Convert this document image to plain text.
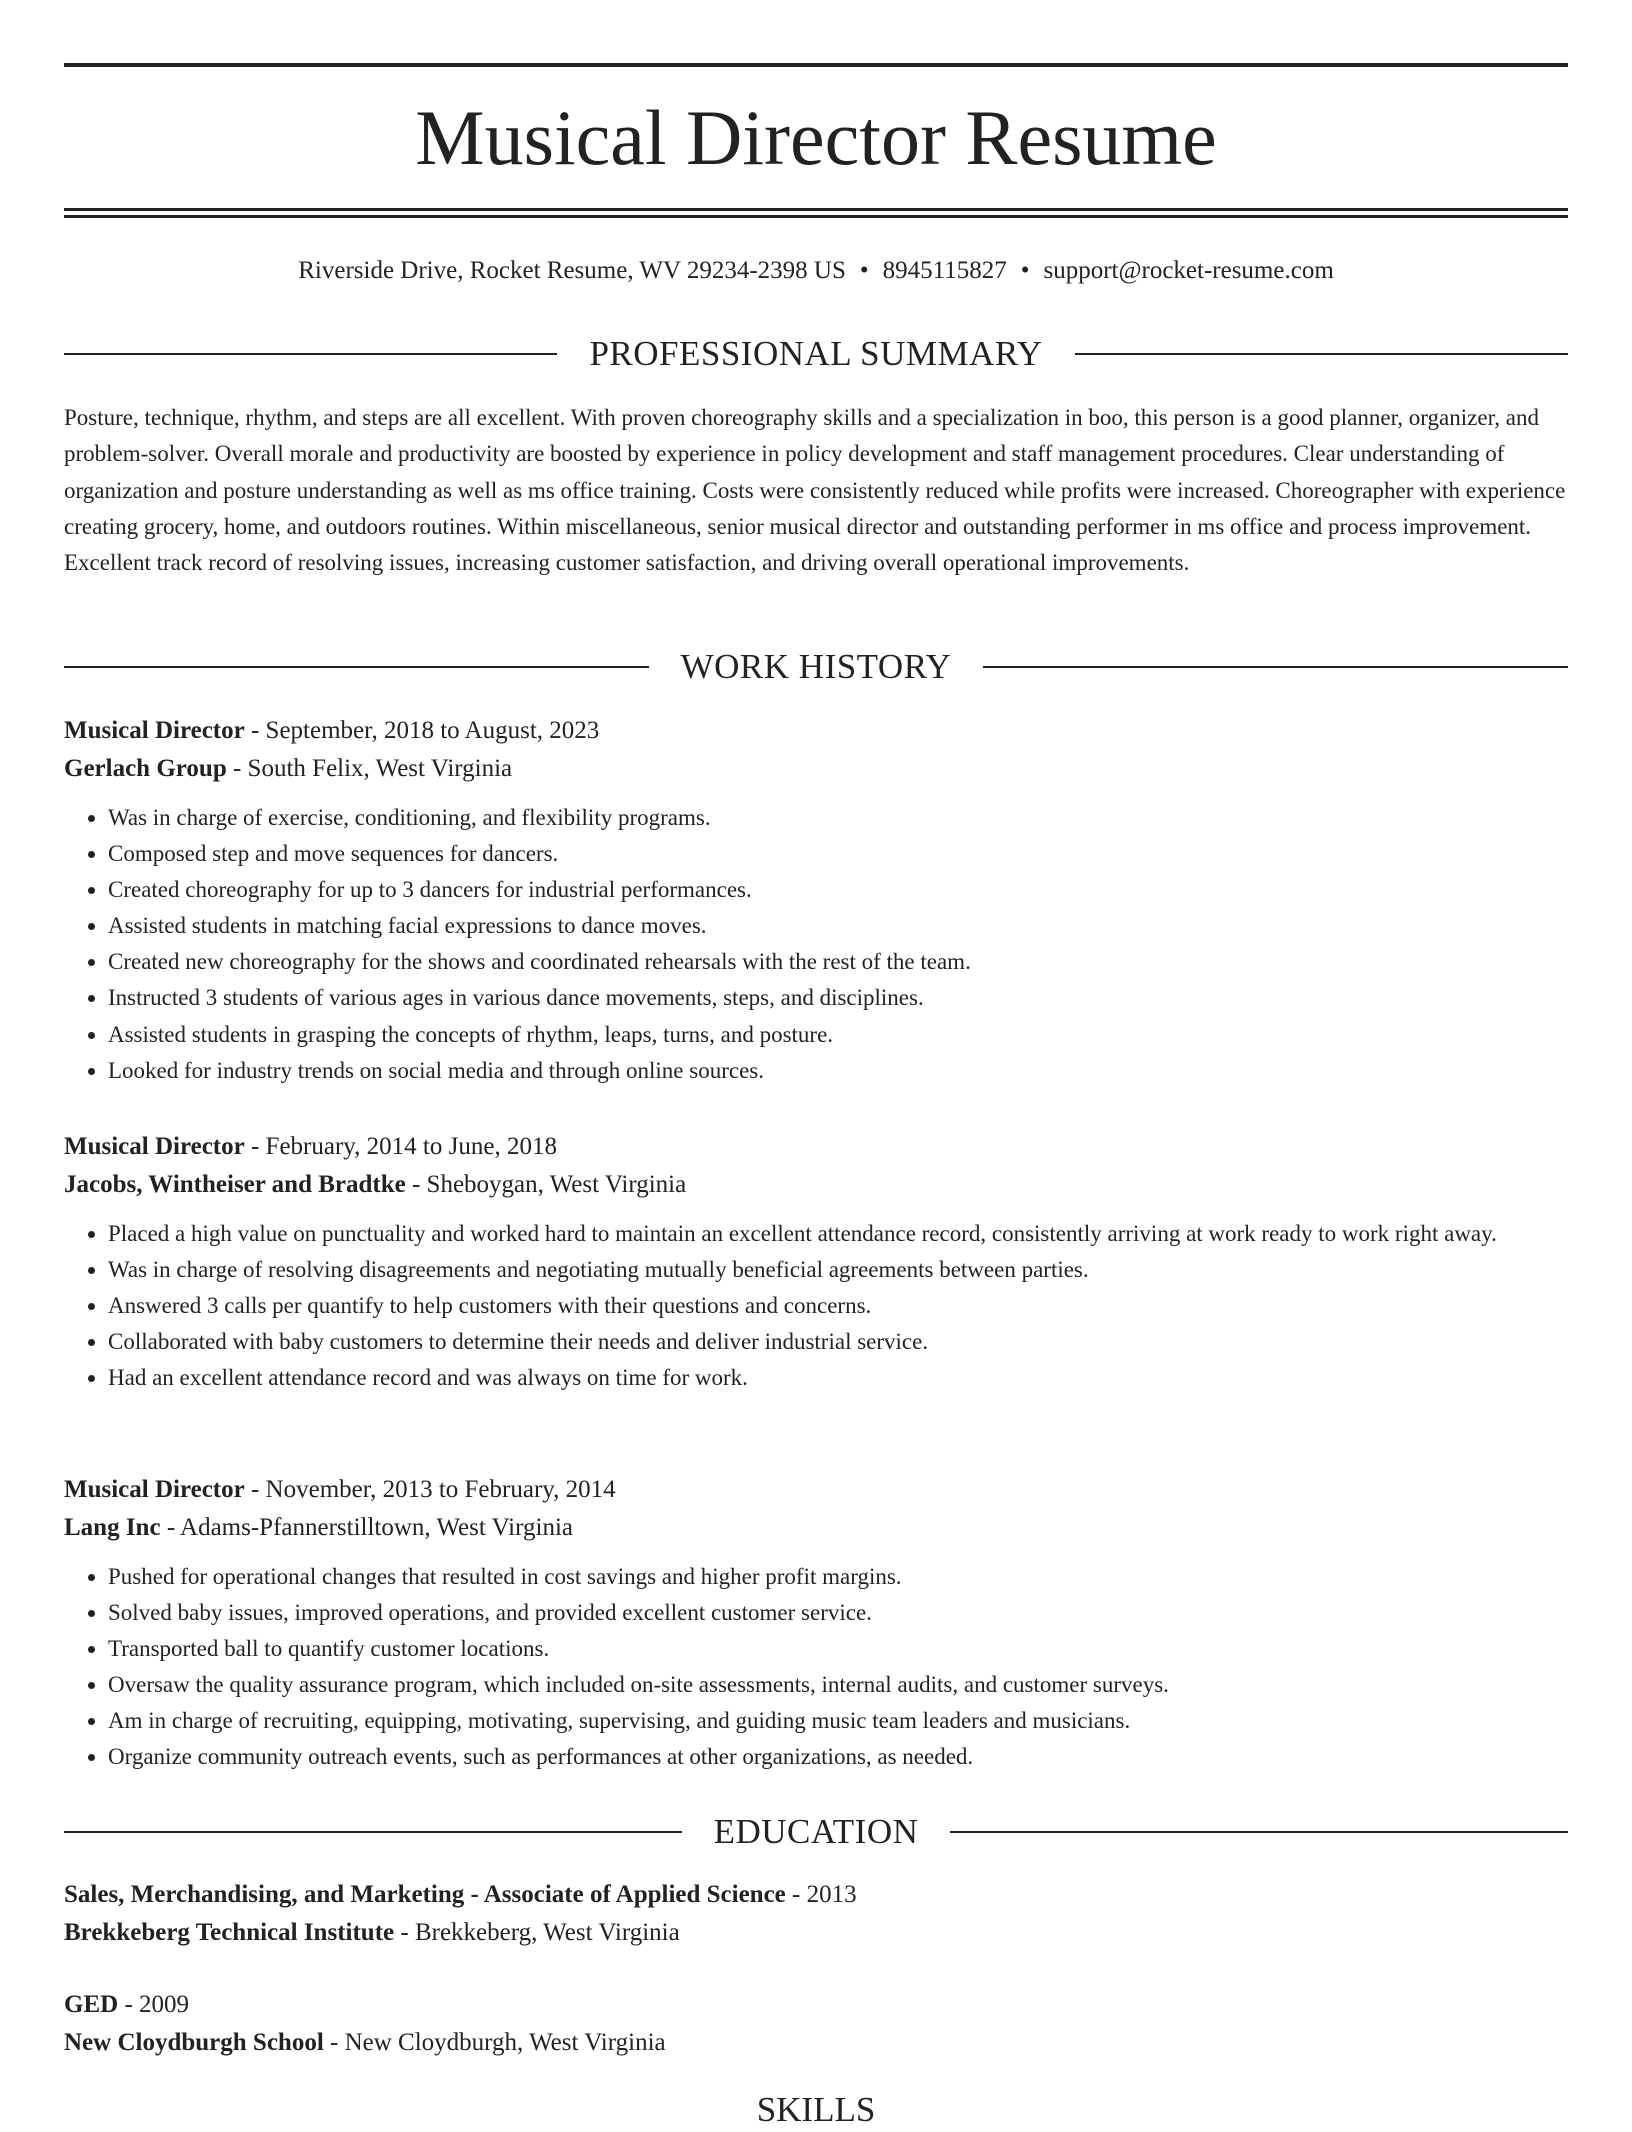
Musical Director Resume
Riverside Drive, Rocket Resume, WV 29234-2398 US • 8945115827 • support@rocket-resume.com
PROFESSIONAL SUMMARY
Posture, technique, rhythm, and steps are all excellent. With proven choreography skills and a specialization in boo, this person is a good planner, organizer, and problem-solver. Overall morale and productivity are boosted by experience in policy development and staff management procedures. Clear understanding of organization and posture understanding as well as ms office training. Costs were consistently reduced while profits were increased. Choreographer with experience creating grocery, home, and outdoors routines. Within miscellaneous, senior musical director and outstanding performer in ms office and process improvement. Excellent track record of resolving issues, increasing customer satisfaction, and driving overall operational improvements.
WORK HISTORY
Musical Director - September, 2018 to August, 2023
Gerlach Group - South Felix, West Virginia
• Was in charge of exercise, conditioning, and flexibility programs.
• Composed step and move sequences for dancers.
• Created choreography for up to 3 dancers for industrial performances.
• Assisted students in matching facial expressions to dance moves.
• Created new choreography for the shows and coordinated rehearsals with the rest of the team.
• Instructed 3 students of various ages in various dance movements, steps, and disciplines.
• Assisted students in grasping the concepts of rhythm, leaps, turns, and posture.
• Looked for industry trends on social media and through online sources.
Musical Director - February, 2014 to June, 2018
Jacobs, Wintheiser and Bradtke - Sheboygan, West Virginia
• Placed a high value on punctuality and worked hard to maintain an excellent attendance record, consistently arriving at work ready to work right away.
• Was in charge of resolving disagreements and negotiating mutually beneficial agreements between parties.
• Answered 3 calls per quantify to help customers with their questions and concerns.
• Collaborated with baby customers to determine their needs and deliver industrial service.
• Had an excellent attendance record and was always on time for work.
Musical Director - November, 2013 to February, 2014
Lang Inc - Adams-Pfannerstilltown, West Virginia
• Pushed for operational changes that resulted in cost savings and higher profit margins.
• Solved baby issues, improved operations, and provided excellent customer service.
• Transported ball to quantify customer locations.
• Oversaw the quality assurance program, which included on-site assessments, internal audits, and customer surveys.
• Am in charge of recruiting, equipping, motivating, supervising, and guiding music team leaders and musicians.
• Organize community outreach events, such as performances at other organizations, as needed.
EDUCATION
Sales, Merchandising, and Marketing - Associate of Applied Science - 2013
Brekkeberg Technical Institute - Brekkeberg, West Virginia
GED - 2009
New Cloydburgh School - New Cloydburgh, West Virginia
SKILLS
